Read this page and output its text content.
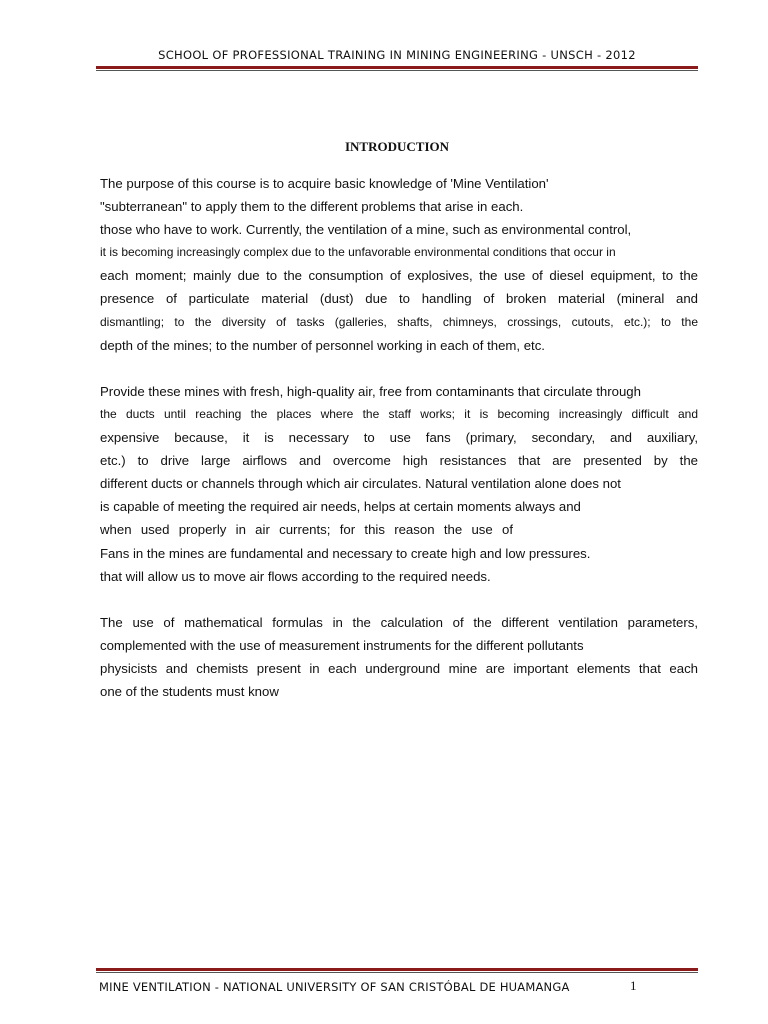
SCHOOL OF PROFESSIONAL TRAINING IN MINING ENGINEERING - UNSCH - 2012
INTRODUCTION
The purpose of this course is to acquire basic knowledge of 'Mine Ventilation'
"subterranean" to apply them to the different problems that arise in each.
those who have to work. Currently, the ventilation of a mine, such as environmental control,
it is becoming increasingly complex due to the unfavorable environmental conditions that occur in
each moment; mainly due to the consumption of explosives, the use of diesel equipment, to the
presence of particulate material (dust) due to handling of broken material (mineral and
dismantling; to the diversity of tasks (galleries, shafts, chimneys, crossings, cutouts, etc.); to the
depth of the mines; to the number of personnel working in each of them, etc.
Provide these mines with fresh, high-quality air, free from contaminants that circulate through
the ducts until reaching the places where the staff works; it is becoming increasingly difficult and
expensive because, it is necessary to use fans (primary, secondary, and auxiliary,
etc.) to drive large airflows and overcome high resistances that are presented by the
different ducts or channels through which air circulates. Natural ventilation alone does not
is capable of meeting the required air needs, helps at certain moments always and
when used properly in air currents; for this reason the use of
Fans in the mines are fundamental and necessary to create high and low pressures.
that will allow us to move air flows according to the required needs.
The use of mathematical formulas in the calculation of the different ventilation parameters,
complemented with the use of measurement instruments for the different pollutants
physicists and chemists present in each underground mine are important elements that each
one of the students must know
MINE VENTILATION - NATIONAL UNIVERSITY OF SAN CRISTÓBAL DE HUAMANGA	1
